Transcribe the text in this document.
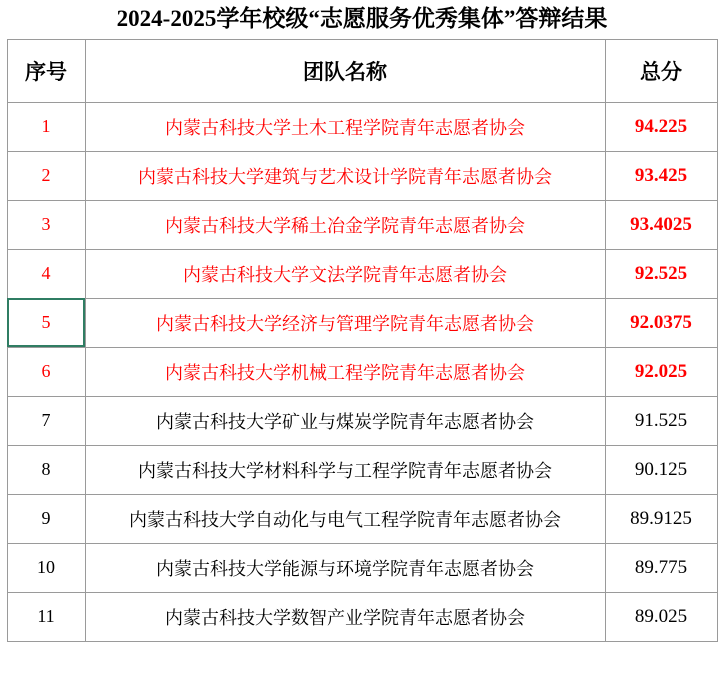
2024-2025学年校级“志愿服务优秀集体”答辩结果
序号	团队名称	总分
1	内蒙古科技大学土木工程学院青年志愿者协会	94.225
2	内蒙古科技大学建筑与艺术设计学院青年志愿者协会	93.425
3	内蒙古科技大学稀土冶金学院青年志愿者协会	93.4025
4	内蒙古科技大学文法学院青年志愿者协会	92.525
5	内蒙古科技大学经济与管理学院青年志愿者协会	92.0375
6	内蒙古科技大学机械工程学院青年志愿者协会	92.025
7	内蒙古科技大学矿业与煤炭学院青年志愿者协会	91.525
8	内蒙古科技大学材料科学与工程学院青年志愿者协会	90.125
9	内蒙古科技大学自动化与电气工程学院青年志愿者协会	89.9125
10	内蒙古科技大学能源与环境学院青年志愿者协会	89.775
11	内蒙古科技大学数智产业学院青年志愿者协会	89.025
